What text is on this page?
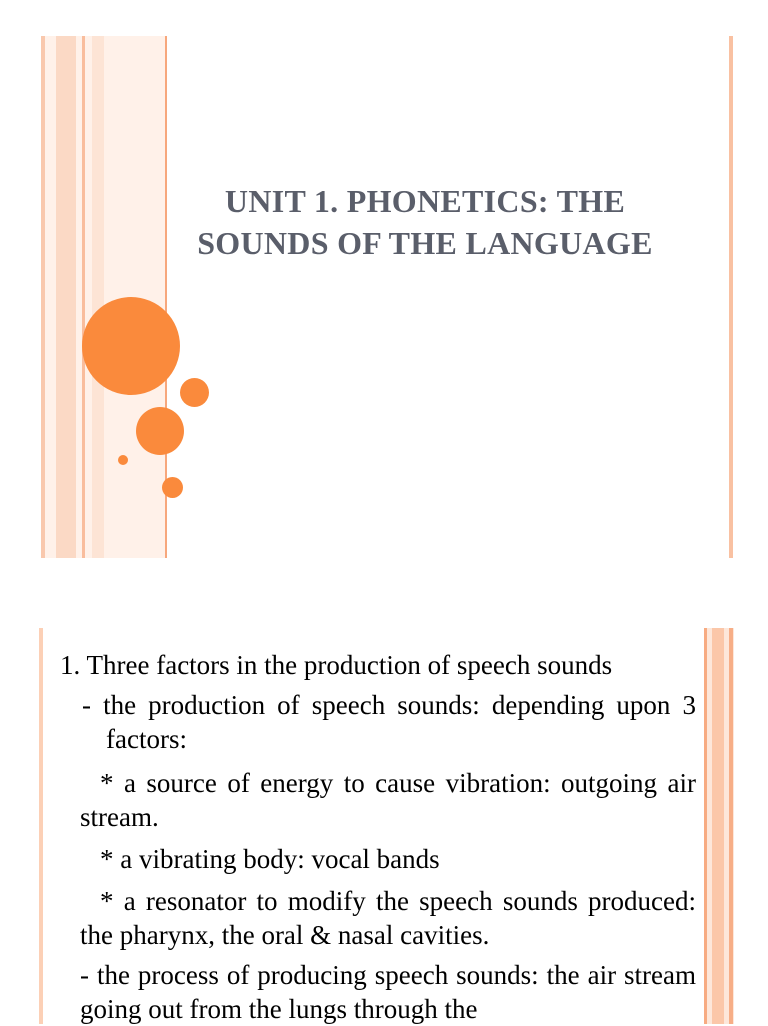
UNIT 1. PHONETICS: THE SOUNDS OF THE LANGUAGE

1. Three factors in the production of speech sounds

- the production of speech sounds: depending upon 3 factors:

* a source of energy to cause vibration: outgoing air stream.

* a vibrating body: vocal bands

* a resonator to modify the speech sounds produced: the pharynx, the oral & nasal cavities.

- the process of producing speech sounds: the air stream going out from the lungs through the
